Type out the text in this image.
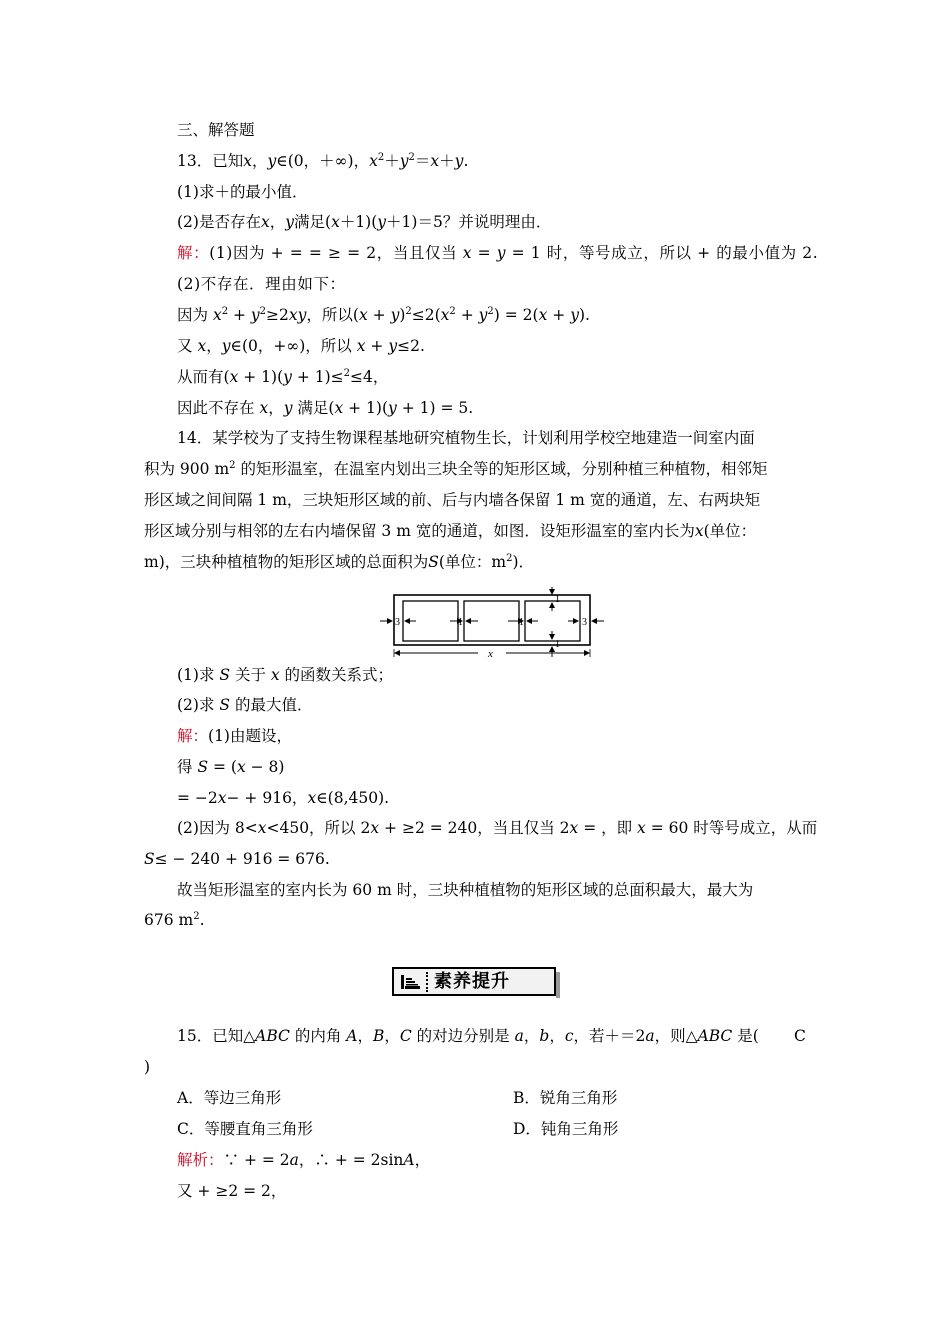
三、解答题
13．已知x，y∈(0，＋∞)，$x^2+y^2=x+y$.
(1)求＋的最小值．
(2)是否存在x，y满足(x＋1)(y＋1)＝5？并说明理由．
解：(1)因为 + = = ≥ = 2，当且仅当 x = y = 1 时，等号成立，所以 + 的最小值为 2.
(2)不存在．理由如下：
因为 $x^2 + y^2\ge 2xy$，所以$(x + y)^2\le 2(x^2 + y^2) = 2(x + y)$.
又 x，y∈(0，+∞)，所以 x + y≤2.
从而有(x + 1)(y + 1)≤$^2$≤4，
因此不存在 x，y 满足(x + 1)(y + 1) = 5.
14．某学校为了支持生物课程基地研究植物生长，计划利用学校空地建造一间室内面
积为 900 $m^2$ 的矩形温室，在温室内划出三块全等的矩形区域，分别种植三种植物，相邻矩
形区域之间间隔 1 m，三块矩形区域的前、后与内墙各保留 1 m 宽的通道，左、右两块矩
形区域分别与相邻的左右内墙保留 3 m 宽的通道，如图．设矩形温室的室内长为x(单位：
m)，三块种植植物的矩形区域的总面积为S(单位：$m^2$)．
3	1	1	3
1
1
x
(1)求 S 关于 x 的函数关系式；
(2)求 S 的最大值．
解：(1)由题设，
得 S = (x − 8)
= −2x− + 916，x∈(8,450).
(2)因为 8<x<450，所以 2x + ≥2 = 240，当且仅当 2x = ，即 x = 60 时等号成立，从而
S≤ − 240 + 916 = 676.
故当矩形温室的室内长为 60 m 时，三块种植植物的矩形区域的总面积最大，最大为
676 $m^2$.
素养提升
15．已知△ABC 的内角 A，B，C 的对边分别是 a，b，c，若＋＝2a，则△ABC 是( C
)
A．等边三角形	B．锐角三角形
C．等腰直角三角形	D．钝角三角形
解析：∵ + = 2a，∴ + = 2sinA，
又 + ≥2 = 2，
